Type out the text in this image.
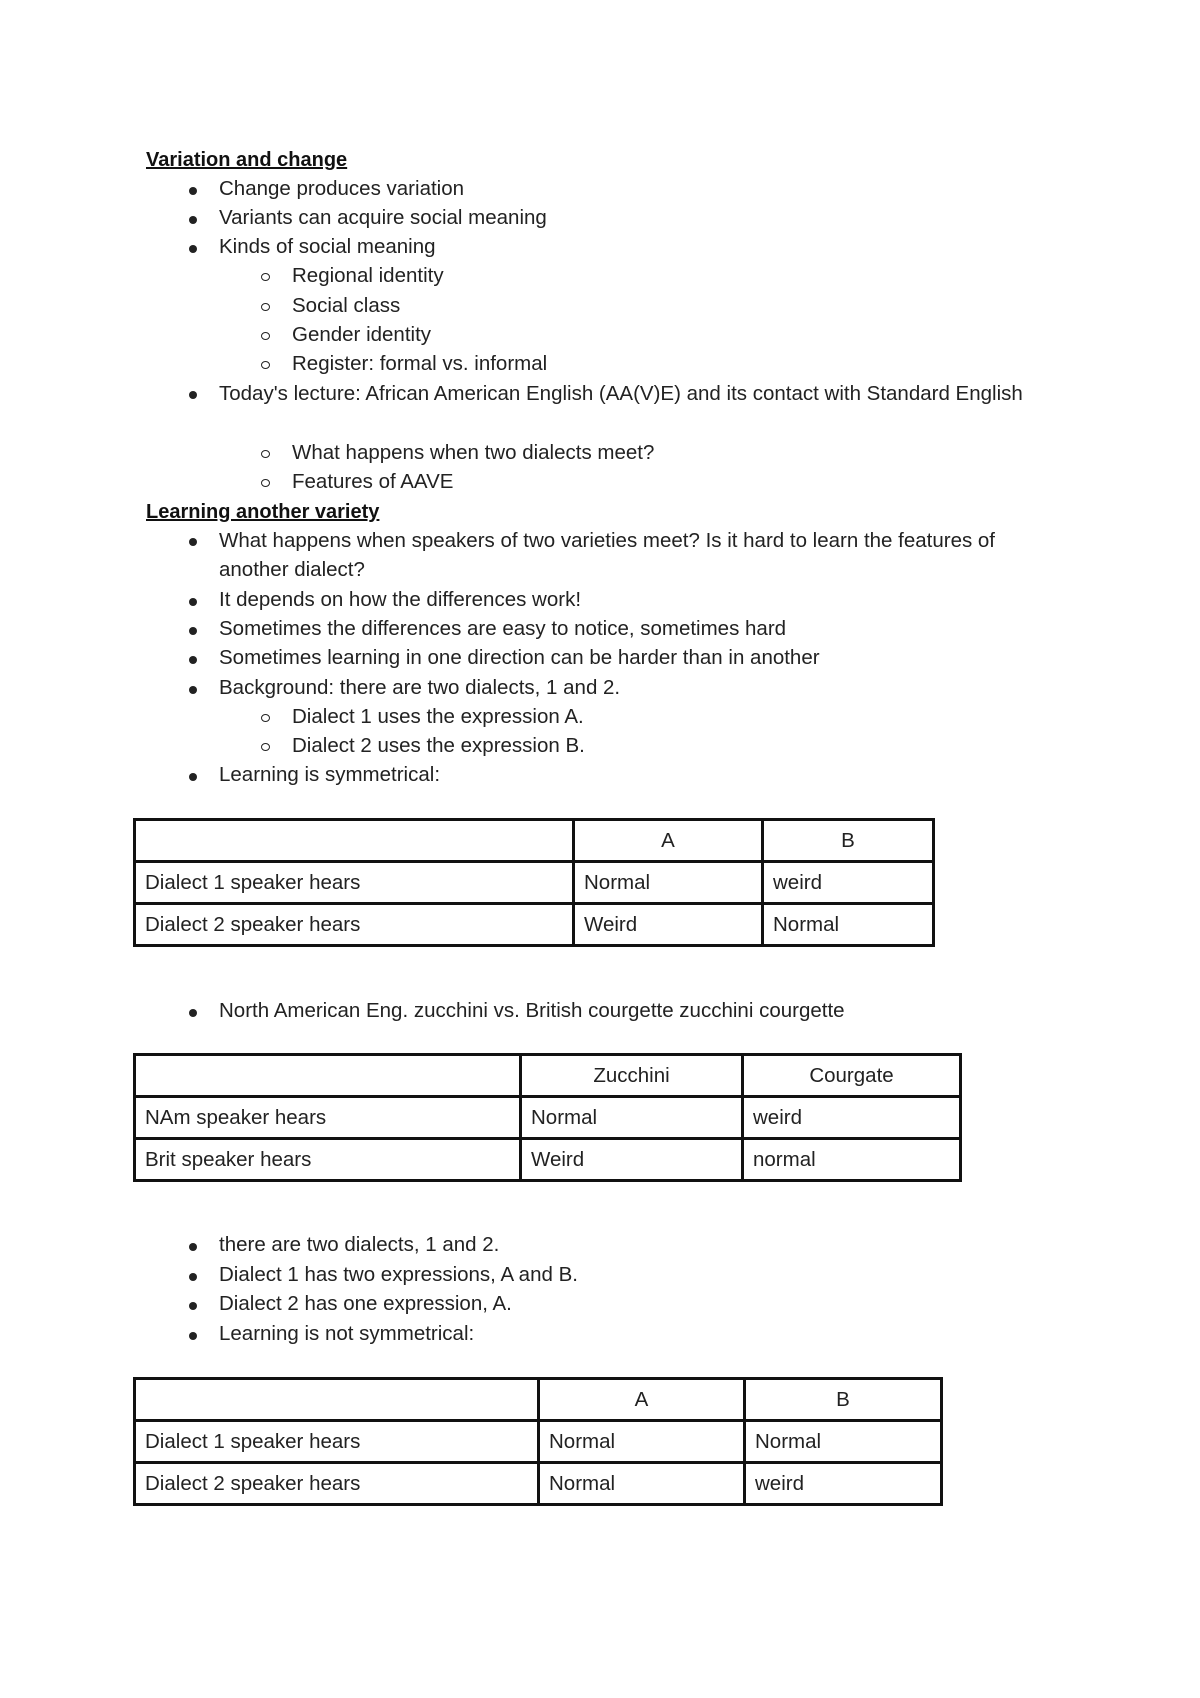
Variation and change
Change produces variation
Variants can acquire social meaning
Kinds of social meaning
Regional identity
Social class
Gender identity
Register: formal vs. informal
Today's lecture: African American English (AA(V)E) and its contact with Standard English
What happens when two dialects meet?
Features of AAVE
Learning another variety
What happens when speakers of two varieties meet? Is it hard to learn the features of another dialect?
It depends on how the differences work!
Sometimes the differences are easy to notice, sometimes hard
Sometimes learning in one direction can be harder than in another
Background: there are two dialects, 1 and 2.
Dialect 1 uses the expression A.
Dialect 2 uses the expression B.
Learning is symmetrical:
	A	B
Dialect 1 speaker hears	Normal	weird
Dialect 2 speaker hears	Weird	Normal
North American Eng. zucchini vs. British courgette zucchini courgette
	Zucchini	Courgate
NAm speaker hears	Normal	weird
Brit speaker hears	Weird	normal
there are two dialects, 1 and 2.
Dialect 1 has two expressions, A and B.
Dialect 2 has one expression, A.
Learning is not symmetrical:
	A	B
Dialect 1 speaker hears	Normal	Normal
Dialect 2 speaker hears	Normal	weird
